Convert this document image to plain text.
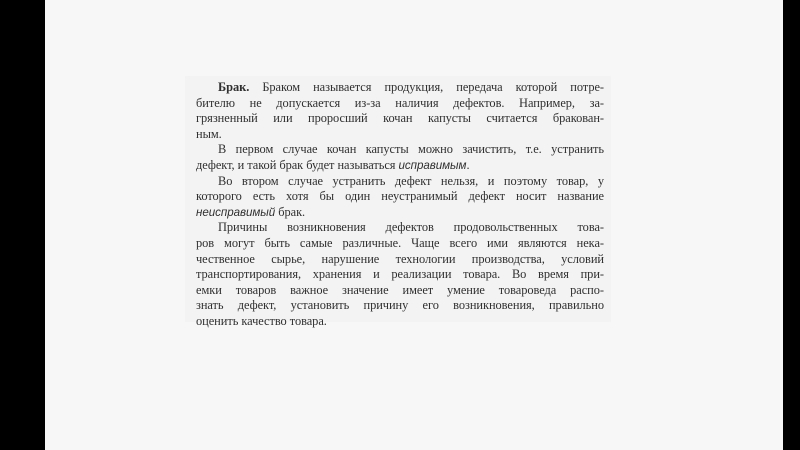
Брак. Браком называется продукция, передача которой потре-
бителю не допускается из-за наличия дефектов. Например, за-
грязненный или проросший кочан капусты считается бракован-
ным.
В первом случае кочан капусты можно зачистить, т.е. устранить
дефект, и такой брак будет называться исправимым.
Во втором случае устранить дефект нельзя, и поэтому товар, у
которого есть хотя бы один неустранимый дефект носит название
неисправимый брак.
Причины возникновения дефектов продовольственных това-
ров могут быть самые различные. Чаще всего ими являются нека-
чественное сырье, нарушение технологии производства, условий
транспортирования, хранения и реализации товара. Во время при-
емки товаров важное значение имеет умение товароведа распо-
знать дефект, установить причину его возникновения, правильно
оценить качество товара.
